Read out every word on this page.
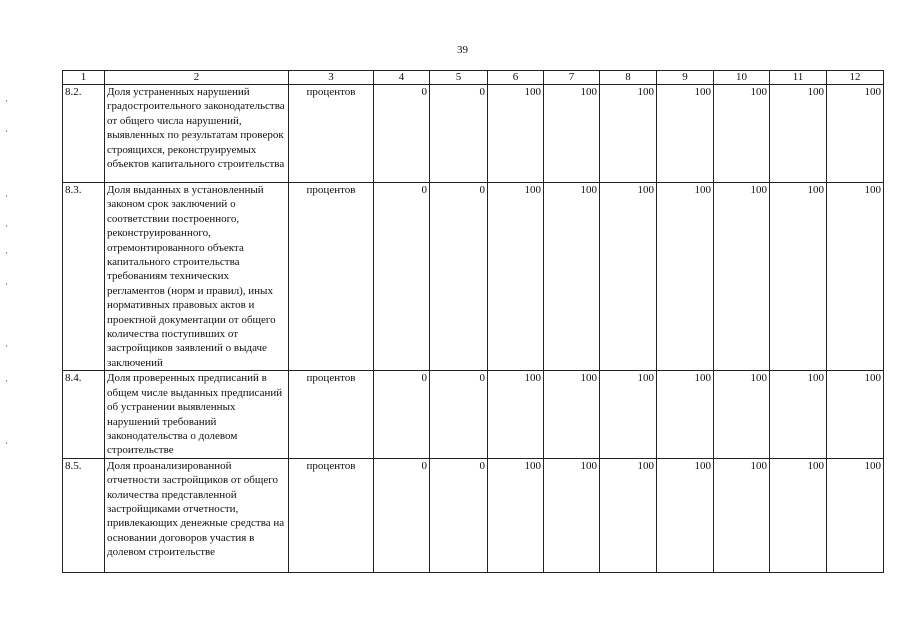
39
1	2	3	4	5	6	7	8	9	10	11	12
8.2.	Доля устраненных нарушений градостроительного законодательства от общего числа нарушений, выявленных по результатам проверок строящихся, реконструируемых объектов капитального строительства	процентов	0	0	100	100	100	100	100	100	100
8.3.	Доля выданных в установленный законом срок заключений о соответствии построенного, реконструированного, отремонтированного объекта капитального строительства требованиям технических регламентов (норм и правил), иных нормативных правовых актов и проектной документации от общего количества поступивших от застройщиков заявлений о выдаче заключений	процентов	0	0	100	100	100	100	100	100	100
8.4.	Доля проверенных предписаний в общем числе выданных предписаний об устранении выявленных нарушений требований законодательства о долевом строительстве	процентов	0	0	100	100	100	100	100	100	100
8.5.	Доля проанализированной отчетности застройщиков от общего количества представленной застройщиками отчетности, привлекающих денежные средства на основании договоров участия в долевом строительстве	процентов	0	0	100	100	100	100	100	100	100
